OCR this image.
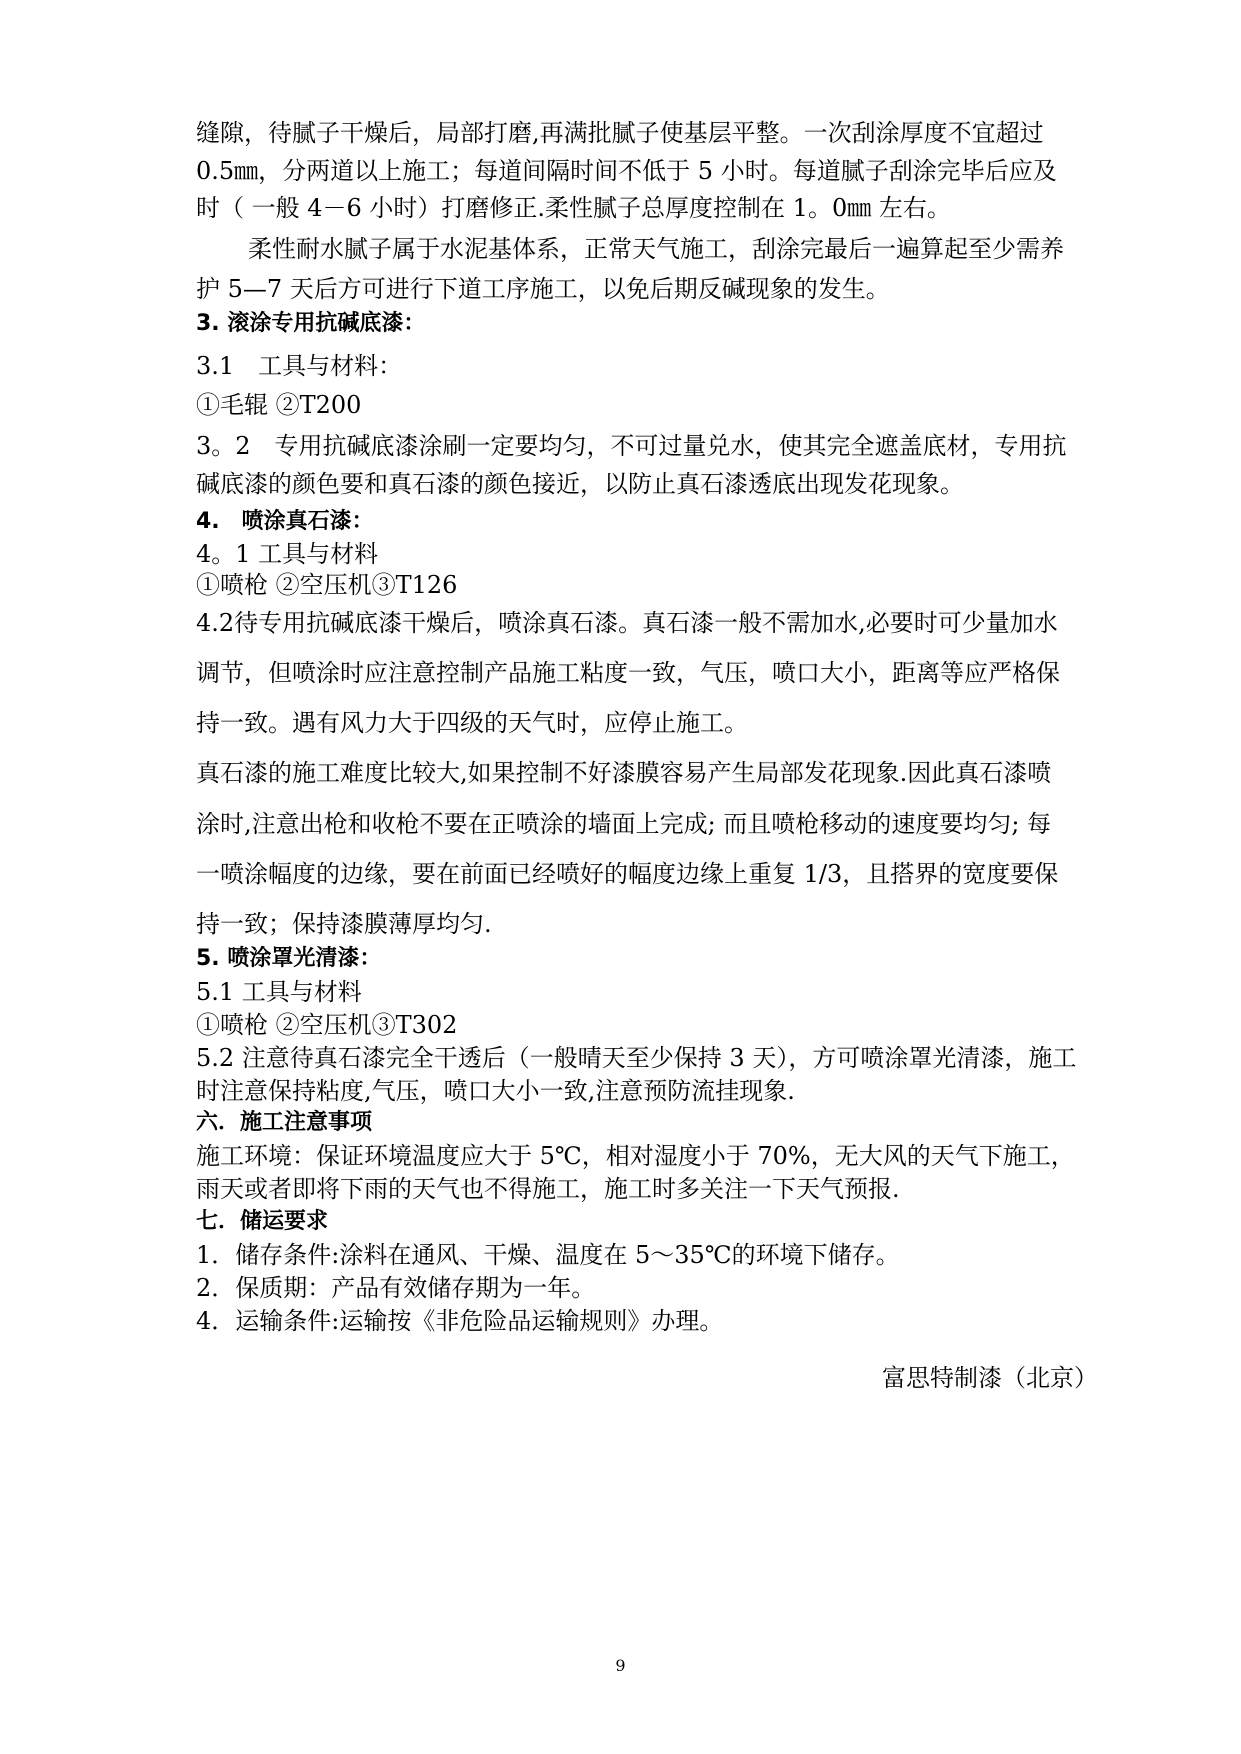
缝隙，待腻子干燥后，局部打磨,再满批腻子使基层平整。一次刮涂厚度不宜超过
0.5㎜，分两道以上施工；每道间隔时间不低于 5 小时。每道腻子刮涂完毕后应及
时（ 一般 4－6 小时）打磨修正.柔性腻子总厚度控制在 1。0㎜ 左右。
柔性耐水腻子属于水泥基体系，正常天气施工，刮涂完最后一遍算起至少需养
护 5—7 天后方可进行下道工序施工，以免后期反碱现象的发生。
3. 滚涂专用抗碱底漆：
3.1　工具与材料：
①毛辊 ②T200
3。2　专用抗碱底漆涂刷一定要均匀，不可过量兑水，使其完全遮盖底材，专用抗
碱底漆的颜色要和真石漆的颜色接近，以防止真石漆透底出现发花现象。
4.　喷涂真石漆：
4。1 工具与材料
①喷枪 ②空压机③T126
4.2待专用抗碱底漆干燥后，喷涂真石漆。真石漆一般不需加水,必要时可少量加水
调节，但喷涂时应注意控制产品施工粘度一致，气压，喷口大小，距离等应严格保
持一致。遇有风力大于四级的天气时，应停止施工。
真石漆的施工难度比较大,如果控制不好漆膜容易产生局部发花现象.因此真石漆喷
涂时,注意出枪和收枪不要在正喷涂的墙面上完成; 而且喷枪移动的速度要均匀; 每
一喷涂幅度的边缘，要在前面已经喷好的幅度边缘上重复 1/3，且搭界的宽度要保
持一致；保持漆膜薄厚均匀.
5. 喷涂罩光清漆：
5.1 工具与材料
①喷枪 ②空压机③T302
5.2 注意待真石漆完全干透后（一般晴天至少保持 3 天），方可喷涂罩光清漆，施工
时注意保持粘度,气压，喷口大小一致,注意预防流挂现象.
六．施工注意事项
施工环境：保证环境温度应大于 5℃，相对湿度小于 70%，无大风的天气下施工，
雨天或者即将下雨的天气也不得施工，施工时多关注一下天气预报.
七．储运要求
1．储存条件:涂料在通风、干燥、温度在 5～35℃的环境下储存。
2．保质期：产品有效储存期为一年。
4．运输条件:运输按《非危险品运输规则》办理。
富思特制漆（北京）
9
